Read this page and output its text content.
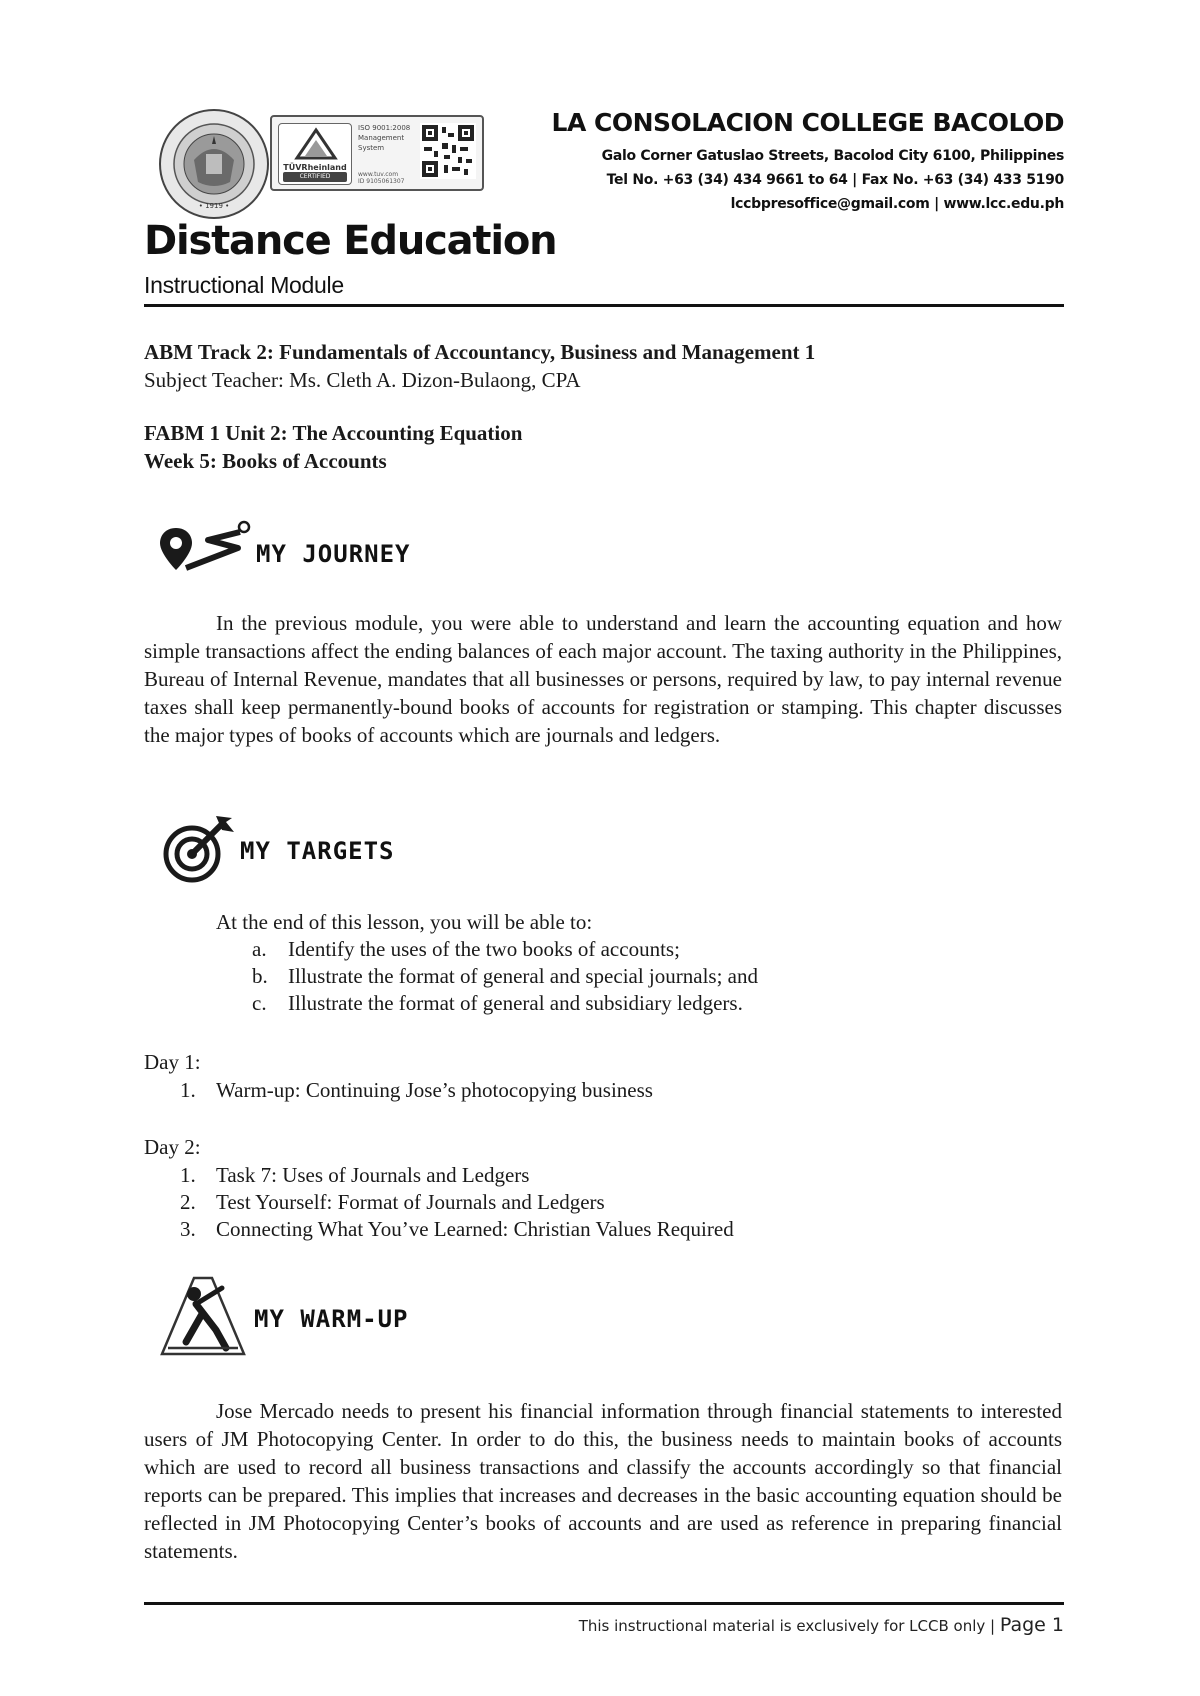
• 1919 •
TÜVRheinland
CERTIFIED
ISO 9001:2008
Management
System
www.tuv.com
ID 9105061307
LA CONSOLACION COLLEGE BACOLOD
Galo Corner Gatuslao Streets, Bacolod City 6100, Philippines
Tel No. +63 (34) 434 9661 to 64 | Fax No. +63 (34) 433 5190
lccbpresoffice@gmail.com | www.lcc.edu.ph
Distance Education
Instructional Module
ABM Track 2: Fundamentals of Accountancy, Business and Management 1
Subject Teacher: Ms. Cleth A. Dizon-Bulaong, CPA
FABM 1 Unit 2: The Accounting Equation
Week 5: Books of Accounts
MY JOURNEY
In the previous module, you were able to understand and learn the accounting equation and how simple transactions affect the ending balances of each major account. The taxing authority in the Philippines, Bureau of Internal Revenue, mandates that all businesses or persons, required by law, to pay internal revenue taxes shall keep permanently-bound books of accounts for registration or stamping. This chapter discusses the major types of books of accounts which are journals and ledgers.
MY TARGETS
At the end of this lesson, you will be able to:
a. Identify the uses of the two books of accounts;
b. Illustrate the format of general and special journals; and
c. Illustrate the format of general and subsidiary ledgers.
Day 1:
1. Warm-up: Continuing Jose’s photocopying business
Day 2:
1. Task 7: Uses of Journals and Ledgers
2. Test Yourself: Format of Journals and Ledgers
3. Connecting What You’ve Learned: Christian Values Required
MY WARM-UP
Jose Mercado needs to present his financial information through financial statements to interested users of JM Photocopying Center. In order to do this, the business needs to maintain books of accounts which are used to record all business transactions and classify the accounts accordingly so that financial reports can be prepared. This implies that increases and decreases in the basic accounting equation should be reflected in JM Photocopying Center’s books of accounts and are used as reference in preparing financial statements.
This instructional material is exclusively for LCCB only | Page 1
